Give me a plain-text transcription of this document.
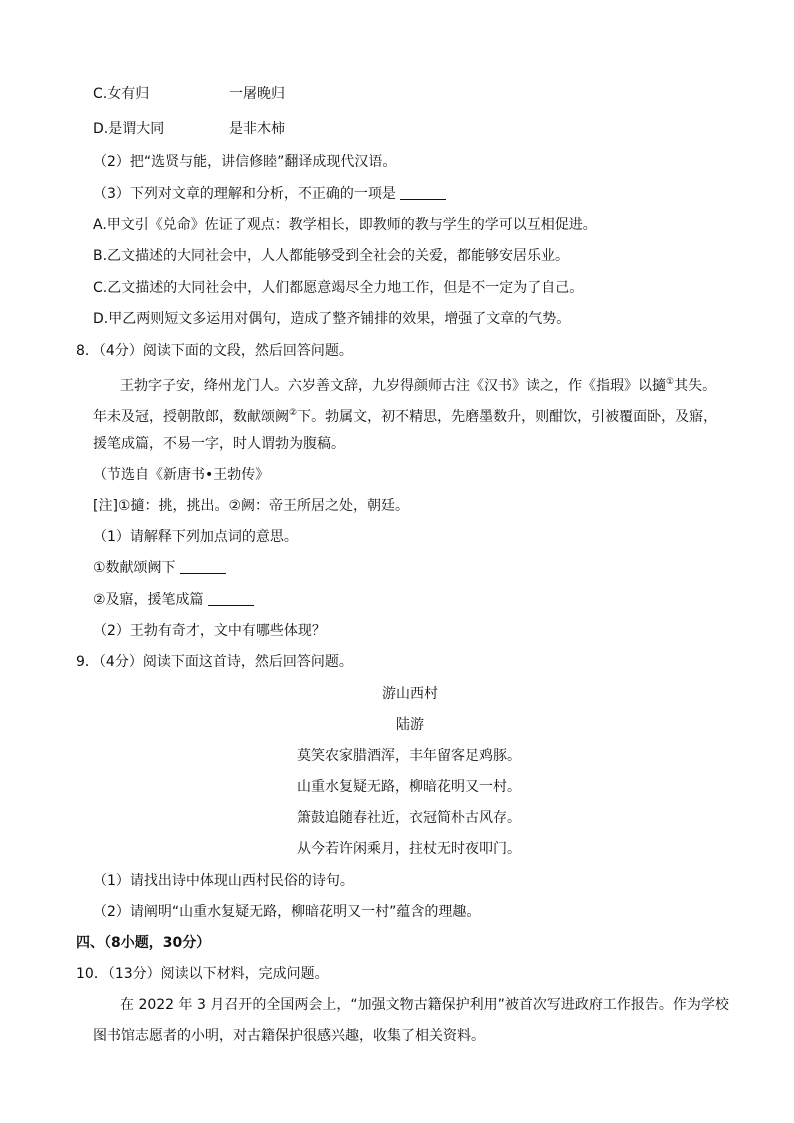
C.女有归	一屠晚归
D.是谓大同	是非木柿
（2）把“选贤与能，讲信修睦”翻译成现代汉语。
（3）下列对文章的理解和分析，不正确的一项是
A.甲文引《兑命》佐证了观点：教学相长，即教师的教与学生的学可以互相促进。
B.乙文描述的大同社会中，人人都能够受到全社会的关爱，都能够安居乐业。
C.乙文描述的大同社会中，人们都愿意竭尽全力地工作，但是不一定为了自己。
D.甲乙两则短文多运用对偶句，造成了整齐铺排的效果，增强了文章的气势。
8．（4分）阅读下面的文段，然后回答问题。
王勃字子安，绛州龙门人。六岁善文辞，九岁得颜师古注《汉书》读之，作《指瑕》以擿①其失。
年未及冠，授朝散郎，数献颂阙②下。勃属文，初不精思，先磨墨数升，则酣饮，引被覆面卧，及寤，
援笔成篇，不易一字，时人谓勃为腹稿。
（节选自《新唐书•王勃传》
[注]①擿：挑，挑出。②阙：帝王所居之处，朝廷。
（1）请解释下列加点词的意思。
①数献颂阙下
②及寤，援笔成篇
（2）王勃有奇才，文中有哪些体现？
9．（4分）阅读下面这首诗，然后回答问题。
游山西村
陆游
莫笑农家腊酒浑，丰年留客足鸡豚。
山重水复疑无路，柳暗花明又一村。
箫鼓追随春社近，衣冠简朴古风存。
从今若许闲乘月，拄杖无时夜叩门。
（1）请找出诗中体现山西村民俗的诗句。
（2）请阐明“山重水复疑无路，柳暗花明又一村”蕴含的理趣。
四、（8小题，30分）
10．（13分）阅读以下材料，完成问题。
在 2022 年 3 月召开的全国两会上，“加强文物古籍保护利用”被首次写进政府工作报告。作为学校
图书馆志愿者的小明，对古籍保护很感兴趣，收集了相关资料。
